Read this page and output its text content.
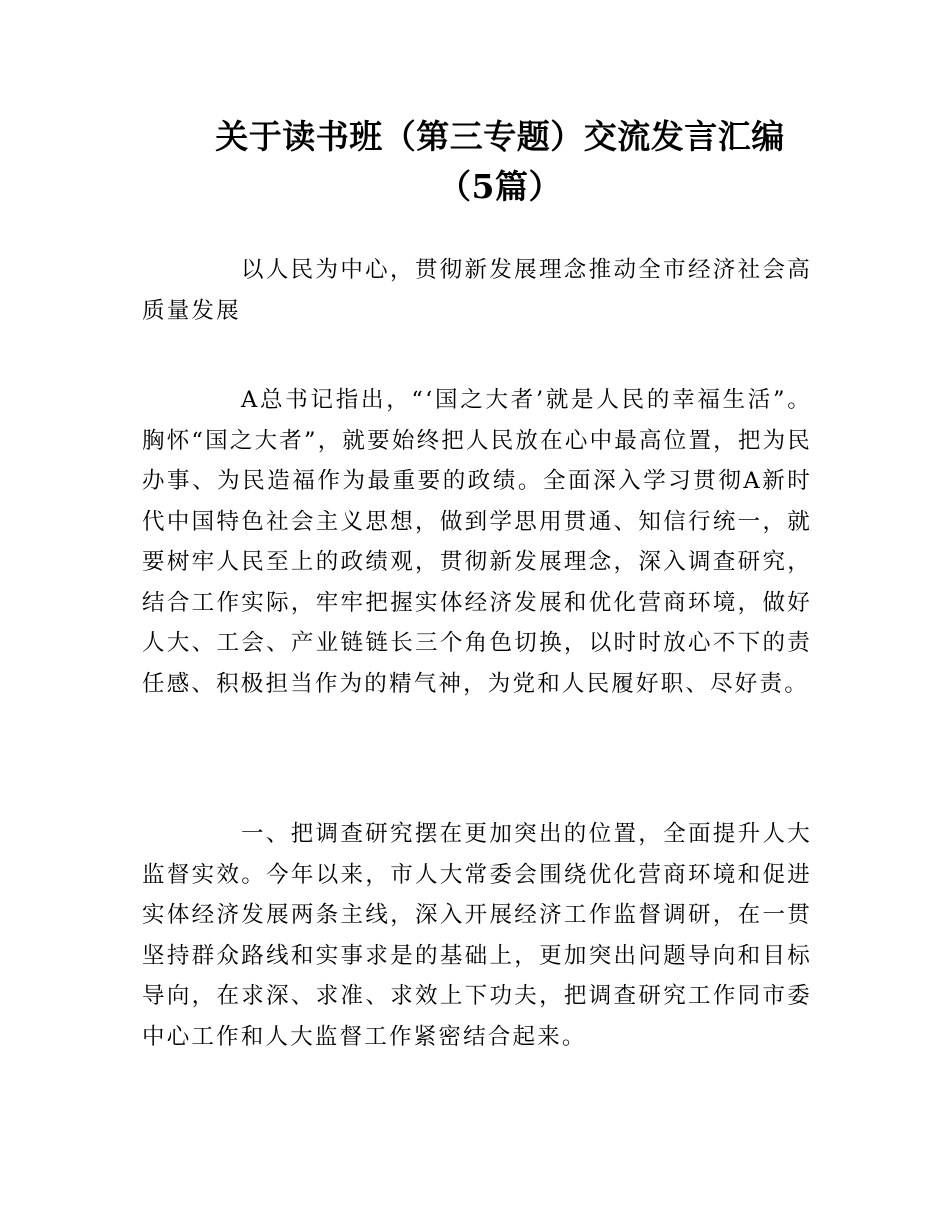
关于读书班（第三专题）交流发言汇编
（5篇）

以人民为中心，贯彻新发展理念推动全市经济社会高质量发展

A总书记指出，“‘国之大者’就是人民的幸福生活”。胸怀“国之大者”，就要始终把人民放在心中最高位置，把为民办事、为民造福作为最重要的政绩。全面深入学习贯彻A新时代中国特色社会主义思想，做到学思用贯通、知信行统一，就要树牢人民至上的政绩观，贯彻新发展理念，深入调查研究，结合工作实际，牢牢把握实体经济发展和优化营商环境，做好人大、工会、产业链链长三个角色切换，以时时放心不下的责任感、积极担当作为的精气神，为党和人民履好职、尽好责。

一、把调查研究摆在更加突出的位置，全面提升人大监督实效。今年以来，市人大常委会围绕优化营商环境和促进实体经济发展两条主线，深入开展经济工作监督调研，在一贯坚持群众路线和实事求是的基础上，更加突出问题导向和目标导向，在求深、求准、求效上下功夫，把调查研究工作同市委中心工作和人大监督工作紧密结合起来。
